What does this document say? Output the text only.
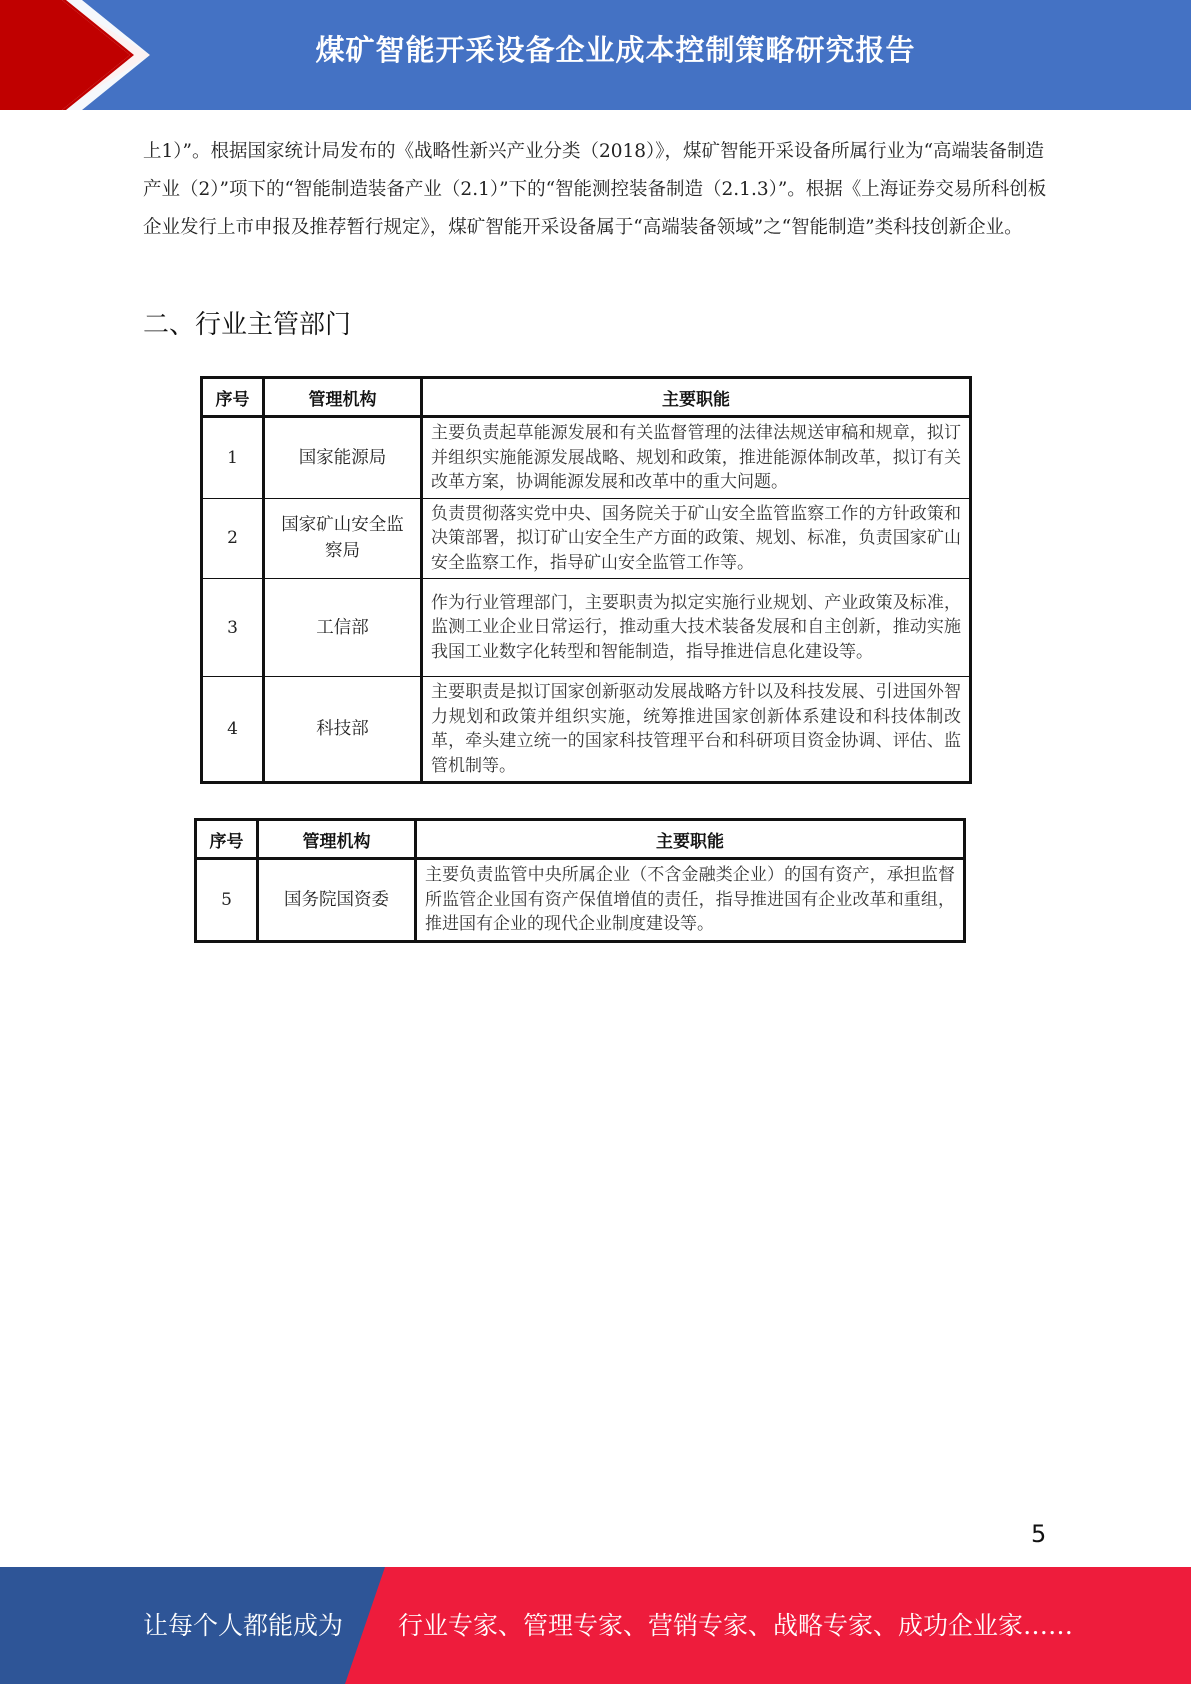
煤矿智能开采设备企业成本控制策略研究报告

上1）”。根据国家统计局发布的《战略性新兴产业分类（2018）》，煤矿智能开采设备所属行业为“高端装备制造产业（2）”项下的“智能制造装备产业（2.1）”下的“智能测控装备制造（2.1.3）”。根据《上海证券交易所科创板企业发行上市申报及推荐暂行规定》，煤矿智能开采设备属于“高端装备领域”之“智能制造”类科技创新企业。

二、行业主管部门
序号	管理机构	主要职能
1	国家能源局	主要负责起草能源发展和有关监督管理的法律法规送审稿和规章，拟订并组织实施能源发展战略、规划和政策，推进能源体制改革，拟订有关改革方案，协调能源发展和改革中的重大问题。
2	国家矿山安全监察局	负责贯彻落实党中央、国务院关于矿山安全监管监察工作的方针政策和决策部署，拟订矿山安全生产方面的政策、规划、标准，负责国家矿山安全监察工作，指导矿山安全监管工作等。
3	工信部	作为行业管理部门，主要职责为拟定实施行业规划、产业政策及标准，监测工业企业日常运行，推动重大技术装备发展和自主创新，推动实施我国工业数字化转型和智能制造，指导推进信息化建设等。
4	科技部	主要职责是拟订国家创新驱动发展战略方针以及科技发展、引进国外智力规划和政策并组织实施，统筹推进国家创新体系建设和科技体制改革，牵头建立统一的国家科技管理平台和科研项目资金协调、评估、监管机制等。
序号	管理机构	主要职能
5	国务院国资委	主要负责监管中央所属企业（不含金融类企业）的国有资产，承担监督所监管企业国有资产保值增值的责任，指导推进国有企业改革和重组，推进国有企业的现代企业制度建设等。
5
让每个人都能成为 行业专家、管理专家、营销专家、战略专家、成功企业家……
